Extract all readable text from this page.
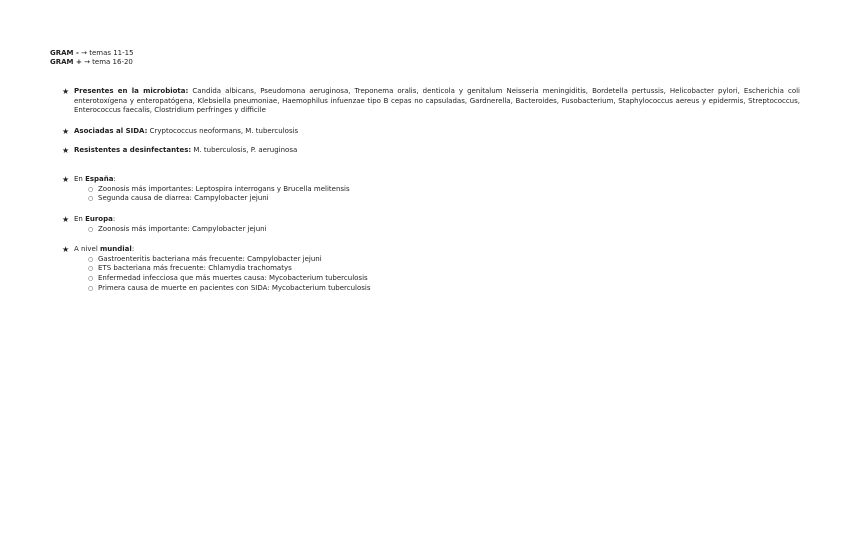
GRAM - → temas 11-15
GRAM + → tema 16-20
★ Presentes en la microbiota: Candida albicans, Pseudomona aeruginosa, Treponema oralis, denticola y genitalum Neisseria meningiditis, Bordetella pertussis, Helicobacter pylori, Escherichia coli enterotoxígena y enteropatógena, Klebsiella pneumoniae, Haemophilus infuenzae tipo B cepas no capsuladas, Gardnerella, Bacteroides, Fusobacterium, Staphylococcus aereus y epidermis, Streptococcus, Enterococcus faecalis, Clostridium perfringes y difficile
★ Asociadas al SIDA: Cryptococcus neoformans, M. tuberculosis
★ Resistentes a desinfectantes: M. tuberculosis, P. aeruginosa
★ En España:
○ Zoonosis más importantes: Leptospira interrogans y Brucella melitensis
○ Segunda causa de diarrea: Campylobacter jejuni
★ En Europa:
○ Zoonosis más importante: Campylobacter jejuni
★ A nivel mundial:
○ Gastroenteritis bacteriana más frecuente: Campylobacter jejuni
○ ETS bacteriana más frecuente: Chlamydia trachomatys
○ Enfermedad infecciosa que más muertes causa: Mycobacterium tuberculosis
○ Primera causa de muerte en pacientes con SIDA: Mycobacterium tuberculosis
